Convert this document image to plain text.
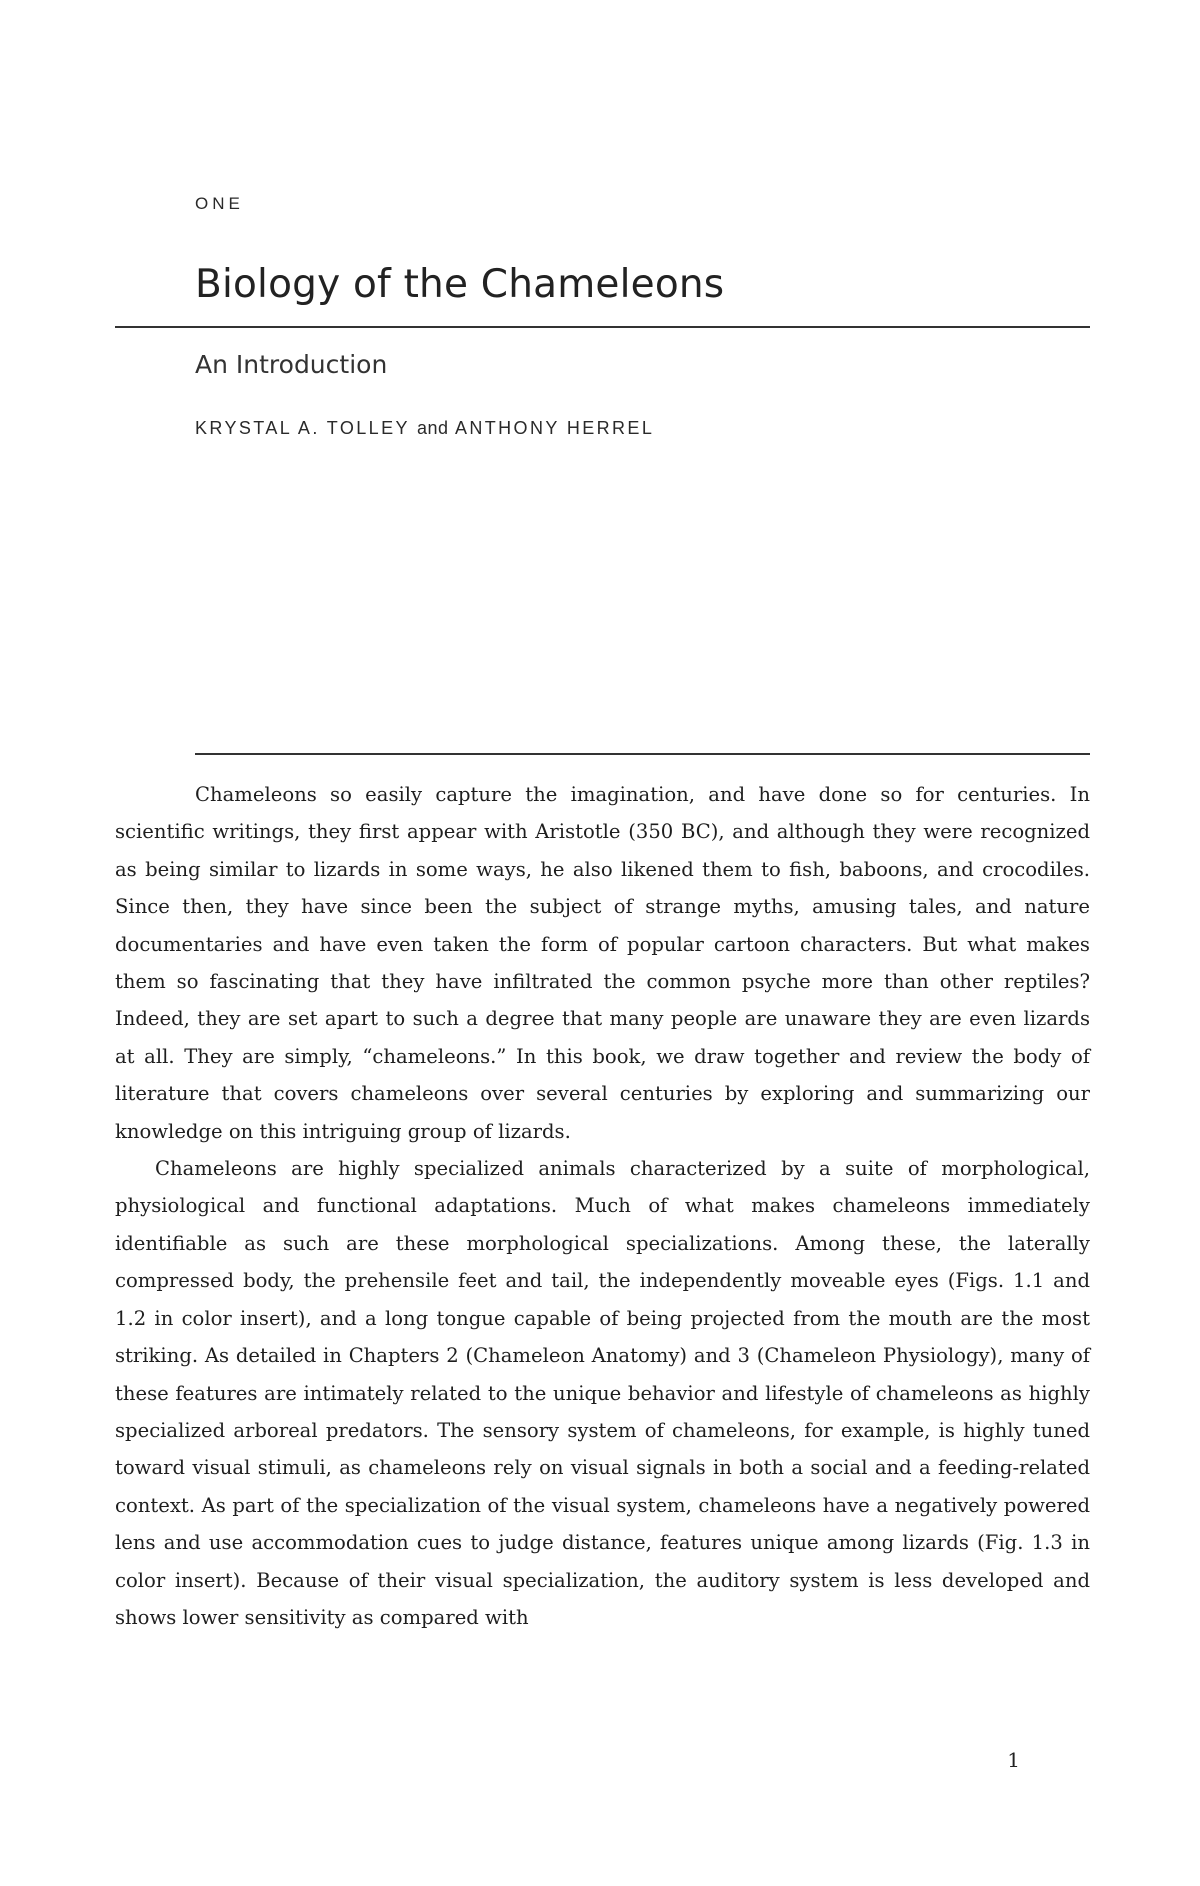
ONE
Biology of the Chameleons
An Introduction
KRYSTAL A. TOLLEY and ANTHONY HERREL

Chameleons so easily capture the imagination, and have done so for centuries. In scientific writings, they first appear with Aristotle (350 BC), and although they were recognized as being similar to lizards in some ways, he also likened them to fish, baboons, and crocodiles. Since then, they have since been the subject of strange myths, amusing tales, and nature documentaries and have even taken the form of popular cartoon characters. But what makes them so fascinating that they have infiltrated the common psyche more than other reptiles? Indeed, they are set apart to such a degree that many people are unaware they are even lizards at all. They are simply, “chameleons.” In this book, we draw together and review the body of literature that covers chameleons over several centuries by exploring and summarizing our knowledge on this intriguing group of lizards.

Chameleons are highly specialized animals characterized by a suite of morphological, physiological and functional adaptations. Much of what makes chameleons immediately identifiable as such are these morphological specializations. Among these, the laterally compressed body, the prehensile feet and tail, the independently moveable eyes (Figs. 1.1 and 1.2 in color insert), and a long tongue capable of being projected from the mouth are the most striking. As detailed in Chapters 2 (Chameleon Anatomy) and 3 (Chameleon Physiology), many of these features are intimately related to the unique behavior and lifestyle of chameleons as highly specialized arboreal predators. The sensory system of chameleons, for example, is highly tuned toward visual stimuli, as chameleons rely on visual signals in both a social and a feeding-related context. As part of the specialization of the visual system, chameleons have a negatively powered lens and use accommodation cues to judge distance, features unique among lizards (Fig. 1.3 in color insert). Because of their visual specialization, the auditory system is less developed and shows lower sensitivity as compared with

1
